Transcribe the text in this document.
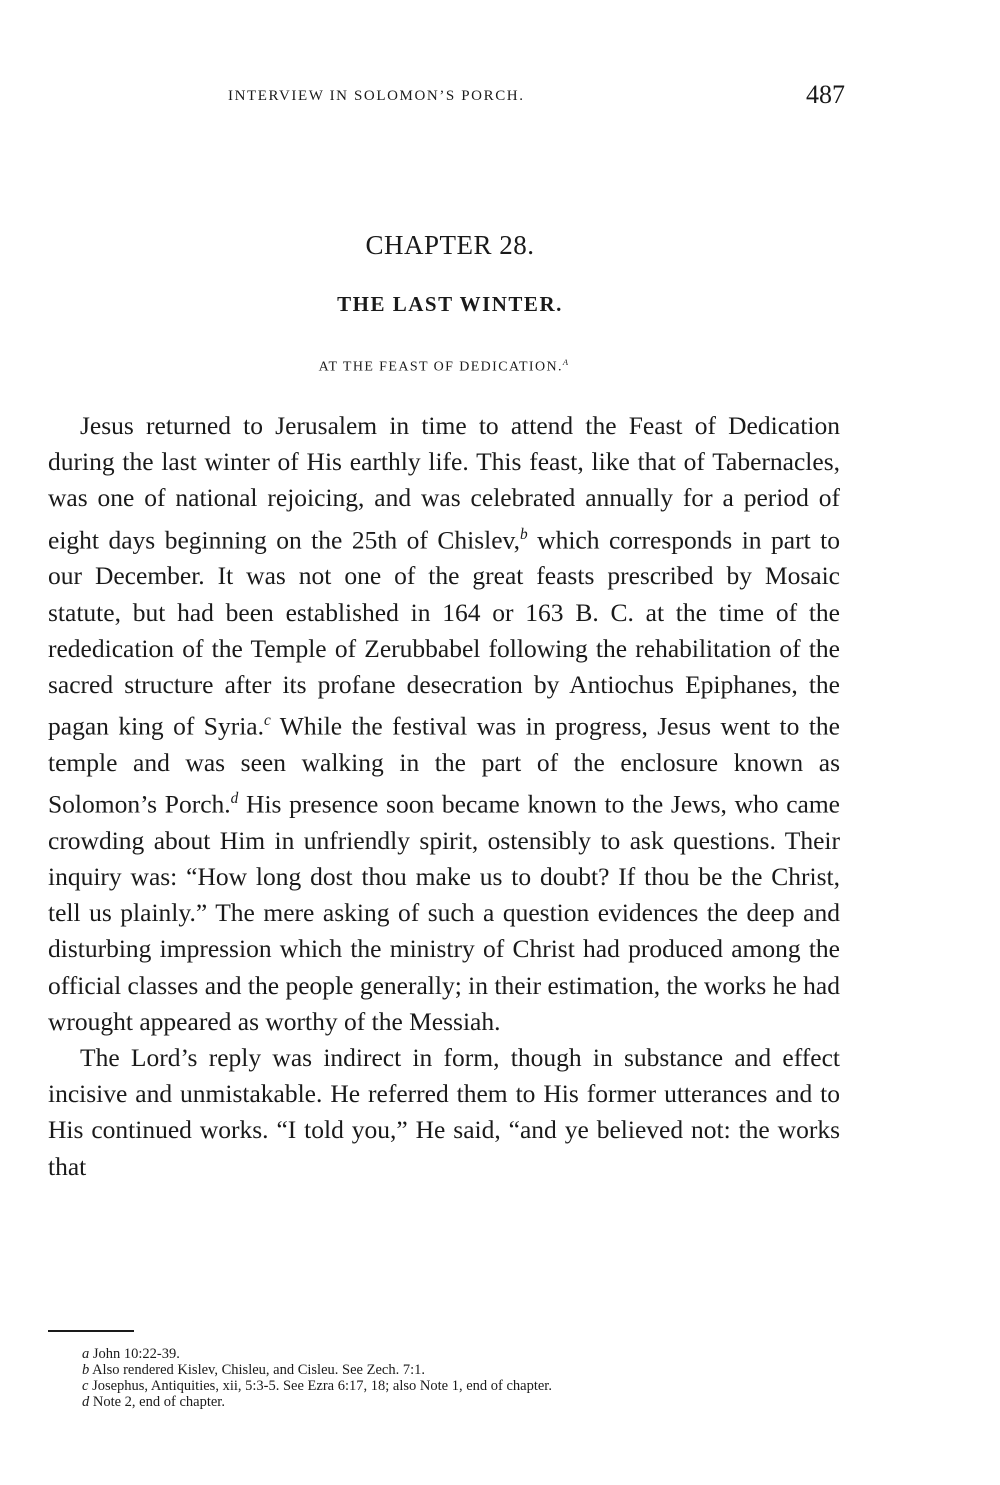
INTERVIEW IN SOLOMON’S PORCH.	487
CHAPTER 28.
THE LAST WINTER.
AT THE FEAST OF DEDICATION.$^A$

Jesus returned to Jerusalem in time to attend the Feast of Dedication during the last winter of His earthly life. This feast, like that of Tabernacles, was one of national rejoicing, and was celebrated annually for a period of eight days beginning on the 25th of Chislev,$^b$ which corresponds in part to our December. It was not one of the great feasts prescribed by Mosaic statute, but had been established in 164 or 163 B. C. at the time of the rededication of the Temple of Zerubbabel following the rehabilitation of the sacred structure after its profane desecration by Antiochus Epiphanes, the pagan king of Syria.$^c$ While the festival was in progress, Jesus went to the temple and was seen walking in the part of the enclosure known as Solomon’s Porch.$^d$ His presence soon became known to the Jews, who came crowding about Him in unfriendly spirit, ostensibly to ask questions. Their inquiry was: “How long dost thou make us to doubt? If thou be the Christ, tell us plainly.” The mere asking of such a question evidences the deep and disturbing impression which the ministry of Christ had produced among the official classes and the people generally; in their estimation, the works he had wrought appeared as worthy of the Messiah.

The Lord’s reply was indirect in form, though in substance and effect incisive and unmistakable. He referred them to His former utterances and to His continued works. “I told you,” He said, “and ye believed not: the works that

a John 10:22-39.

b Also rendered Kislev, Chisleu, and Cisleu. See Zech. 7:1.

c Josephus, Antiquities, xii, 5:3-5. See Ezra 6:17, 18; also Note 1, end of chapter.

d Note 2, end of chapter.
